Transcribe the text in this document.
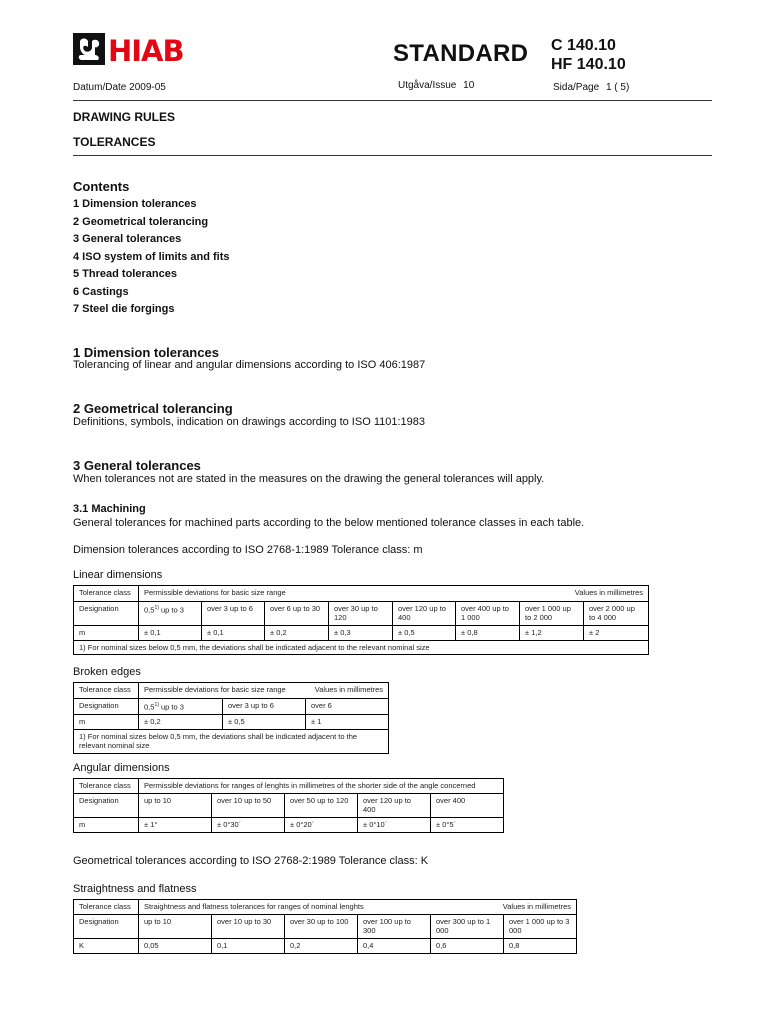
HIAB	STANDARD C 140.10
HF 140.10
Datum/Date 2009-05	Utgåva/Issue 10	Sida/Page 1 ( 5)
DRAWING RULES
TOLERANCES
Contents
1 Dimension tolerances
2 Geometrical tolerancing
3 General tolerances
4 ISO system of limits and fits
5 Thread tolerances
6 Castings
7 Steel die forgings
1 Dimension tolerances
Tolerancing of linear and angular dimensions according to ISO 406:1987
2 Geometrical tolerancing
Definitions, symbols, indication on drawings according to ISO 1101:1983
3 General tolerances
When tolerances not are stated in the measures on the drawing the general tolerances will apply.
3.1 Machining
General tolerances for machined parts according to the below mentioned tolerance classes in each table.
Dimension tolerances according to ISO 2768-1:1989 Tolerance class: m
Linear dimensions
Tolerance class	Permissible deviations for basic size range Values in millimetres							

Designation	0,5$^{1)}$ up to 3	over 3 up to 6	over 6 up to 30	over 30 up to 120	over 120 up to 400	over 400 up to 1 000	over 1 000 up to 2 000	over 2 000 up to 4 000
m	± 0,1	± 0,1	± 0,2	± 0,3	± 0,5	± 0,8	± 1,2	± 2
1) For nominal sizes below 0,5 mm, the deviations shall be indicated adjacent to the relevant nominal size								
Broken edges
Tolerance class	Permissible deviations for basic size range Values in millimetres		

Designation	0,5$^{1)}$ up to 3	over 3 up to 6	over 6
m	± 0,2	± 0,5	± 1
1) For nominal sizes below 0,5 mm, the deviations shall be indicated adjacent to the relevant nominal size			
Angular dimensions
Tolerance class	Permissible deviations for ranges of lenghts in millimetres of the shorter side of the angle concerned				
Designation	up to 10	over 10 up to 50	over 50 up to 120	over 120 up to 400	over 400
m	± 1°	± 0°30´	± 0°20´	± 0°10´	± 0°5´
Geometrical tolerances according to ISO 2768-2:1989 Tolerance class: K
Straightness and flatness
Tolerance class	Straightness and flatness tolerances for ranges of nominal lenghts Values in millimetres					

Designation	up to 10	over 10 up to 30	over 30 up to 100	over 100 up to 300	over 300 up to 1 000	over 1 000 up to 3 000
K	0,05	0,1	0,2	0,4	0,6	0,8
